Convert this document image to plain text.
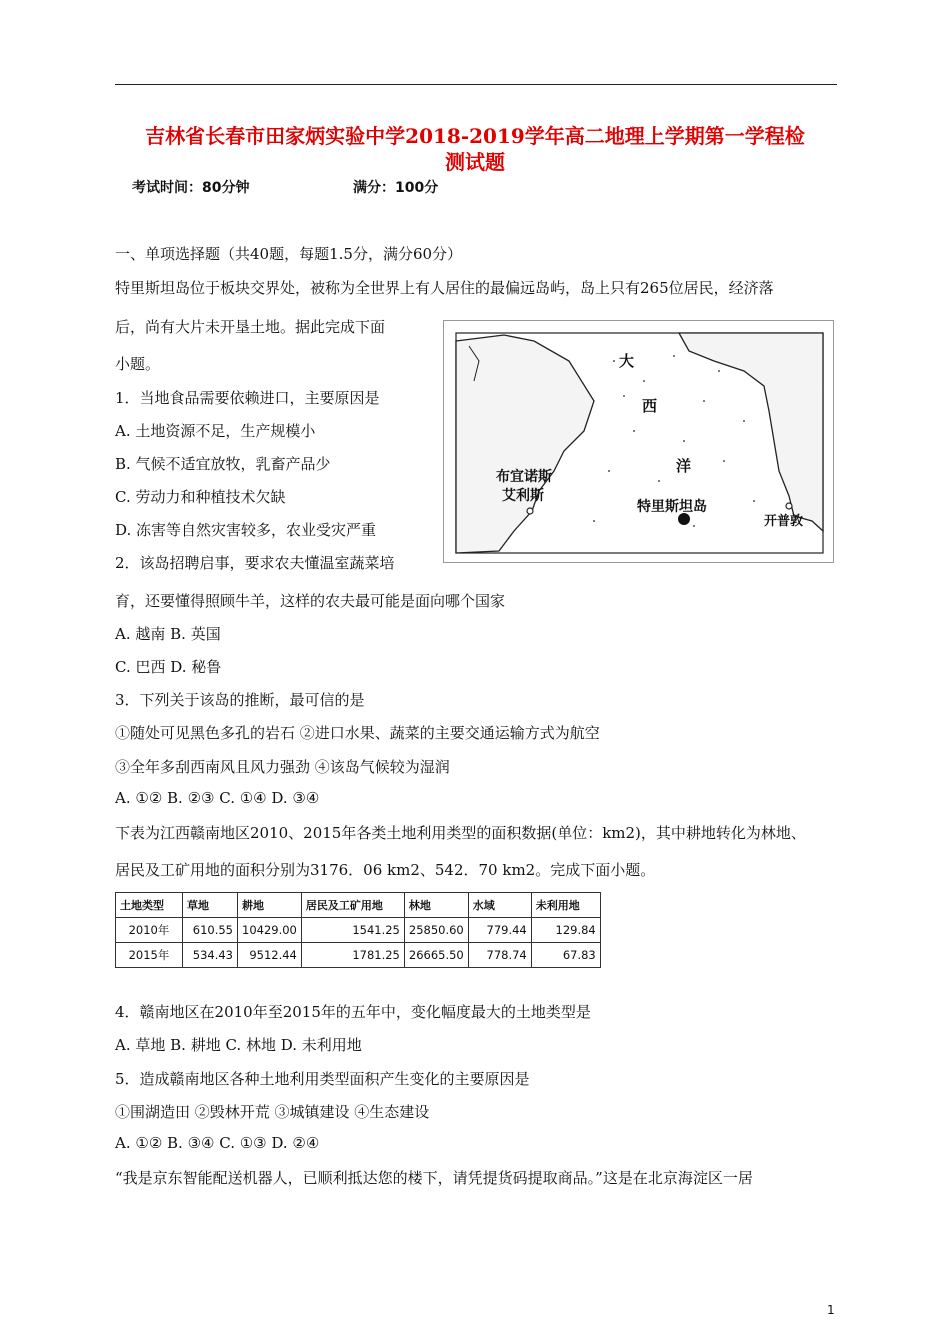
吉林省长春市田家炳实验中学2018-2019学年高二地理上学期第一学程检
测试题
考试时间：80分钟	满分：100分
一、单项选择题（共40题，每题1.5分，满分60分）
特里斯坦岛位于板块交界处，被称为全世界上有人居住的最偏远岛屿，岛上只有265位居民，经济落
后，尚有大片未开垦土地。据此完成下面
小题。	大
西
洋
布宜诺斯
艾利斯
特里斯坦岛
开普敦
1．当地食品需要依赖进口，主要原因是
A. 土地资源不足，生产规模小
B. 气候不适宜放牧，乳畜产品少
C. 劳动力和种植技术欠缺
D. 冻害等自然灾害较多，农业受灾严重
2．该岛招聘启事，要求农夫懂温室蔬菜培
育，还要懂得照顾牛羊，这样的农夫最可能是面向哪个国家
A. 越南 B. 英国
C. 巴西 D. 秘鲁
3．下列关于该岛的推断，最可信的是
①随处可见黑色多孔的岩石 ②进口水果、蔬菜的主要交通运输方式为航空
③全年多刮西南风且风力强劲 ④该岛气候较为湿润
A. ①② B. ②③ C. ①④ D. ③④
下表为江西赣南地区2010、2015年各类土地利用类型的面积数据(单位：km2)，其中耕地转化为林地、
居民及工矿用地的面积分别为3176．06 km2、542．70 km2。完成下面小题。
土地类型	草地	耕地	居民及工矿用地	林地	水域	未利用地
2010年	610.55	10429.00	1541.25	25850.60	779.44	129.84
2015年	534.43	9512.44	1781.25	26665.50	778.74	67.83
4．赣南地区在2010年至2015年的五年中，变化幅度最大的土地类型是
A. 草地 B. 耕地 C. 林地 D. 未利用地
5．造成赣南地区各种土地利用类型面积产生变化的主要原因是
①围湖造田 ②毁林开荒 ③城镇建设 ④生态建设
A. ①② B. ③④ C. ①③ D. ②④
“我是京东智能配送机器人，已顺利抵达您的楼下，请凭提货码提取商品。”这是在北京海淀区一居
1
